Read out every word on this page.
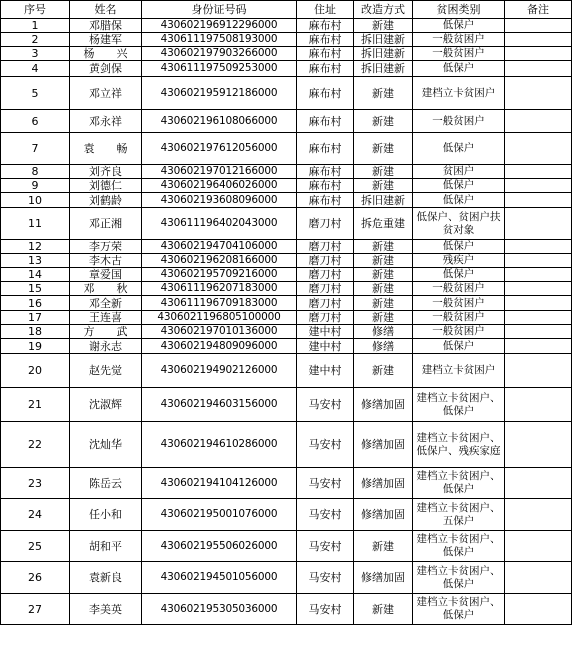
序号	姓名	身份证号码	住址	改造方式	贫困类别	备注
1	邓腊保	430602196912296000	麻布村	新建	低保户	
2	杨建军	430611197508193000	麻布村	拆旧建新	一般贫困户	
3	杨　　兴	430602197903266000	麻布村	拆旧建新	一般贫困户	
4	黄剑保	430611197509253000	麻布村	拆旧建新	低保户	
5	邓立祥	430602195912186000	麻布村	新建	建档立卡贫困户	
6	邓永祥	430602196108066000	麻布村	新建	一般贫困户	
7	袁　　畅	430602197612056000	麻布村	新建	低保户	
8	刘齐良	430602197012166000	麻布村	新建	贫困户	
9	刘德仁	430602196406026000	麻布村	新建	低保户	
10	刘鹤龄	430602193608096000	麻布村	拆旧建新	低保户	
11	邓正湘	430611196402043000	磨刀村	拆危重建	低保户、贫困户扶贫对象	
12	李万荣	430602194704106000	磨刀村	新建	低保户	
13	李木古	430602196208166000	磨刀村	新建	残疾户	
14	章爱国	430602195709216000	磨刀村	新建	低保户	
15	邓　　秋	430611196207183000	磨刀村	新建	一般贫困户	
16	邓全新	430611196709183000	磨刀村	新建	一般贫困户	
17	王连喜	4306021196805100000	磨刀村	新建	一般贫困户	
18	方　　武	430602197010136000	建中村	修缮	一般贫困户	
19	谢永志	430602194809096000	建中村	修缮	低保户	
20	赵先觉	430602194902126000	建中村	新建	建档立卡贫困户	
21	沈淑辉	430602194603156000	马安村	修缮加固	建档立卡贫困户、低保户	
22	沈灿华	430602194610286000	马安村	修缮加固	建档立卡贫困户、低保户、残疾家庭	
23	陈岳云	430602194104126000	马安村	修缮加固	建档立卡贫困户、低保户	
24	任小和	430602195001076000	马安村	修缮加固	建档立卡贫困户、五保户	
25	胡和平	430602195506026000	马安村	新建	建档立卡贫困户、低保户	
26	袁新良	430602194501056000	马安村	修缮加固	建档立卡贫困户、低保户	
27	李美英	430602195305036000	马安村	新建	建档立卡贫困户、低保户	
